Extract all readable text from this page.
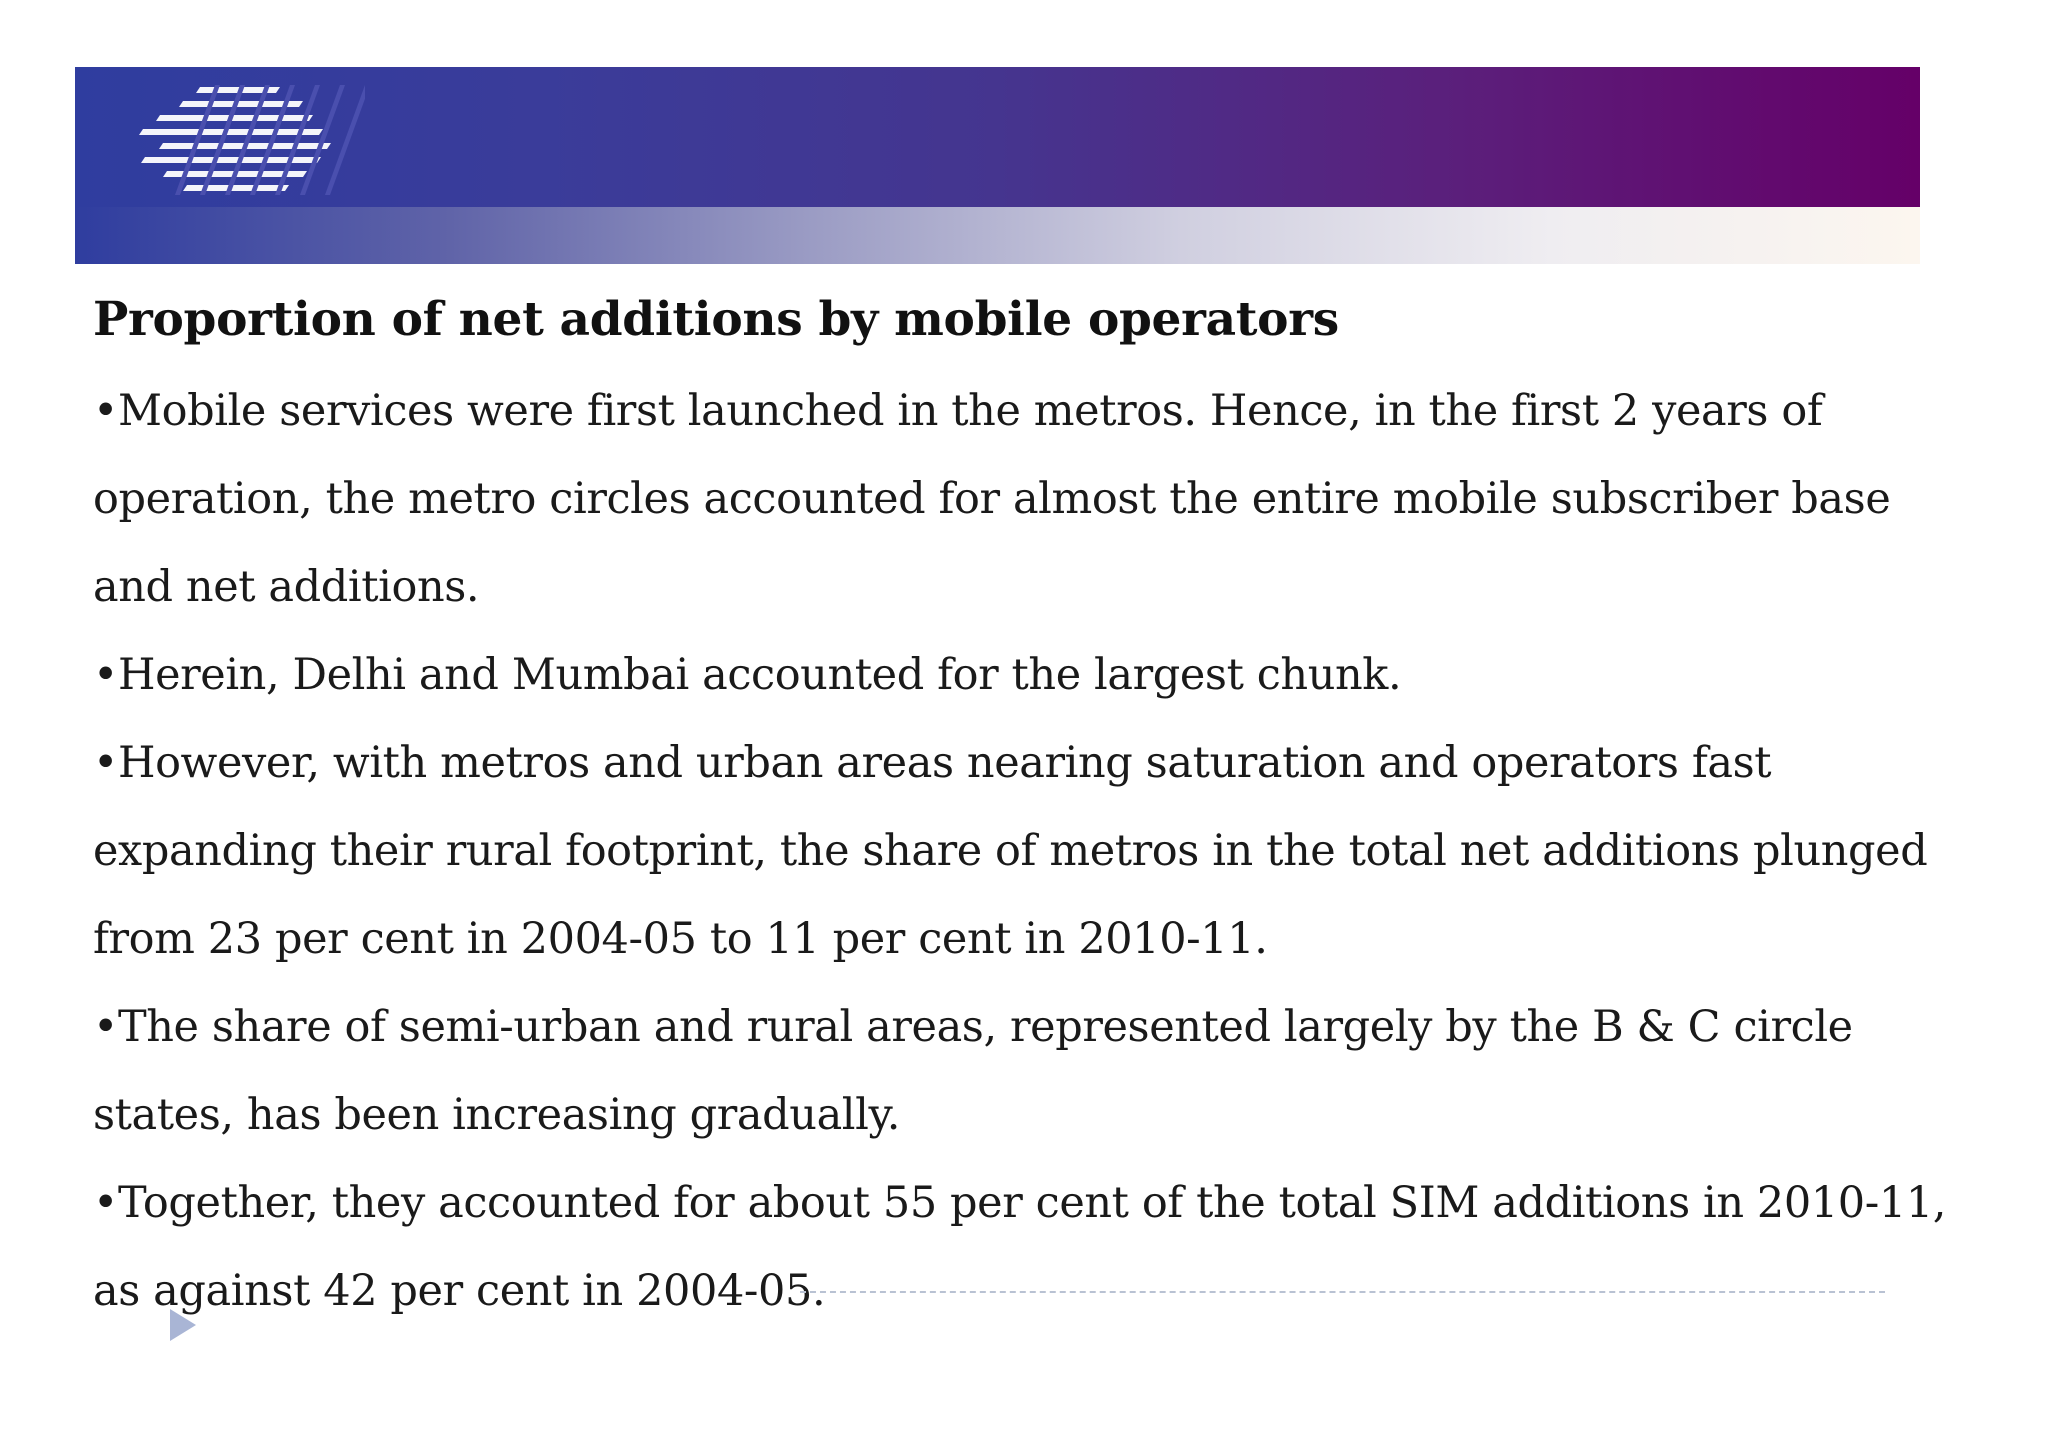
Proportion of net additions by mobile operators
•Mobile services were first launched in the metros. Hence, in the first 2 years of
operation, the metro circles accounted for almost the entire mobile subscriber base
and net additions.
•Herein, Delhi and Mumbai accounted for the largest chunk.
•However, with metros and urban areas nearing saturation and operators fast
expanding their rural footprint, the share of metros in the total net additions plunged
from 23 per cent in 2004-05 to 11 per cent in 2010-11.
•The share of semi-urban and rural areas, represented largely by the B & C circle
states, has been increasing gradually.
•Together, they accounted for about 55 per cent of the total SIM additions in 2010-11,
as against 42 per cent in 2004-05.
